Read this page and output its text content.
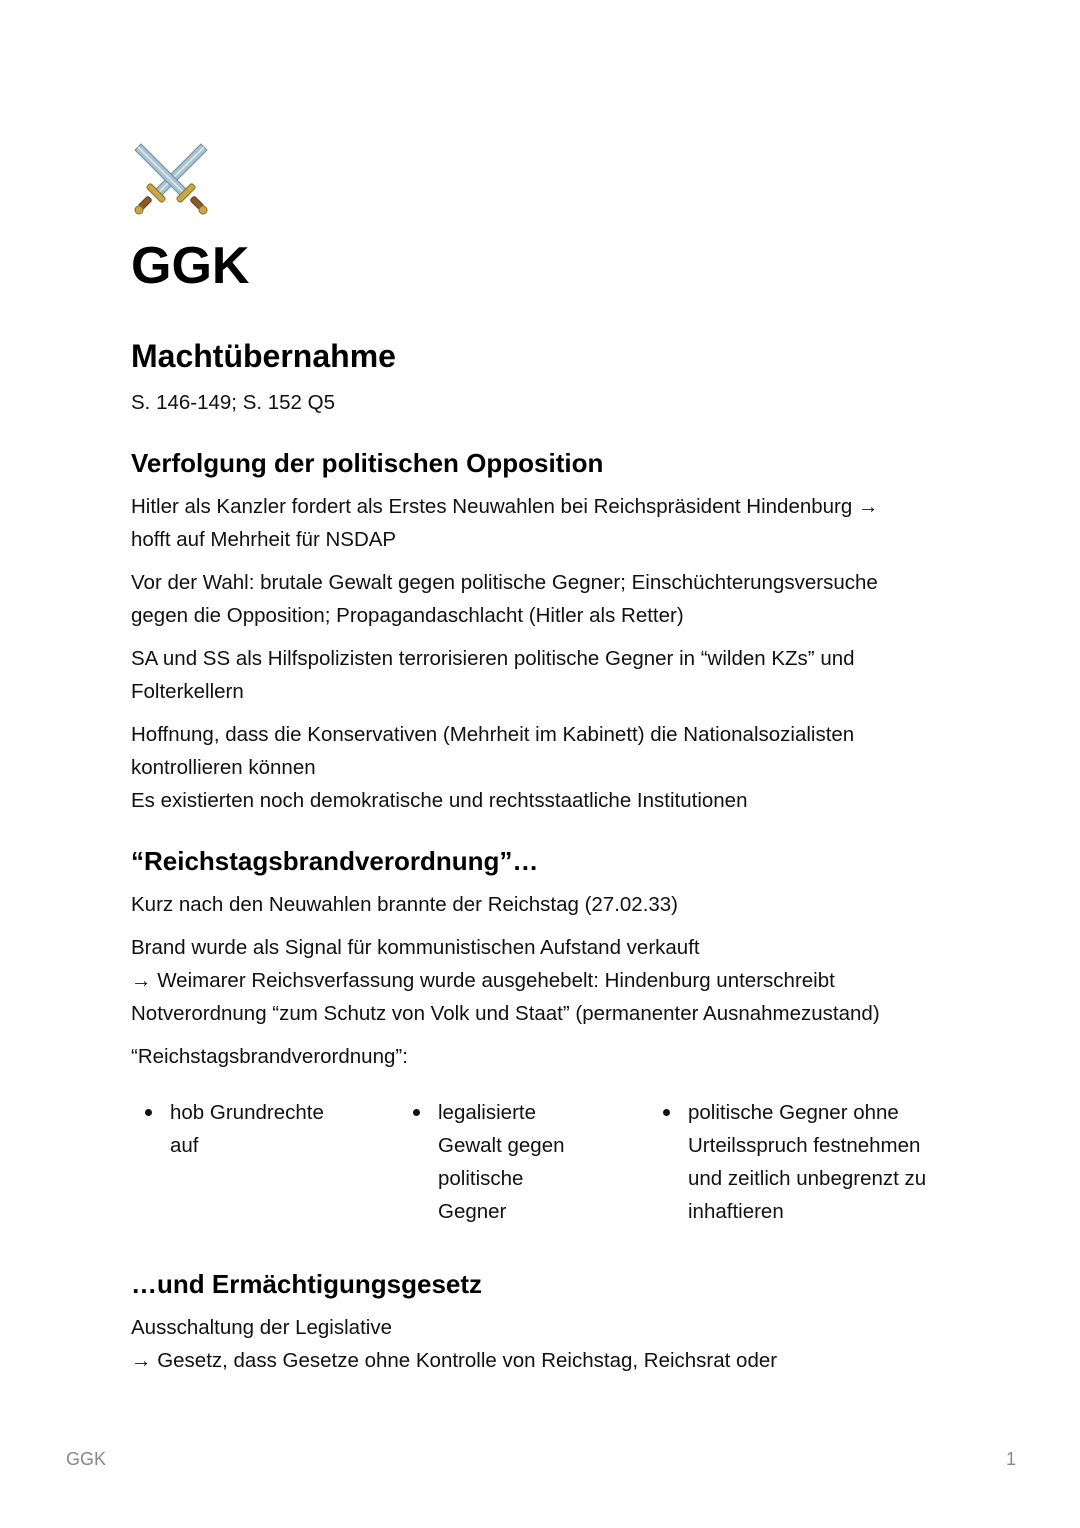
GGK
Machtübernahme

S. 146-149; S. 152 Q5

Verfolgung der politischen Opposition

Hitler als Kanzler fordert als Erstes Neuwahlen bei Reichspräsident Hindenburg →

hofft auf Mehrheit für NSDAP

Vor der Wahl: brutale Gewalt gegen politische Gegner; Einschüchterungsversuche

gegen die Opposition; Propagandaschlacht (Hitler als Retter)

SA und SS als Hilfspolizisten terrorisieren politische Gegner in “wilden KZs” und

Folterkellern

Hoffnung, dass die Konservativen (Mehrheit im Kabinett) die Nationalsozialisten

kontrollieren können

Es existierten noch demokratische und rechtsstaatliche Institutionen

“Reichstagsbrandverordnung”…

Kurz nach den Neuwahlen brannte der Reichstag (27.02.33)

Brand wurde als Signal für kommunistischen Aufstand verkauft

→ Weimarer Reichsverfassung wurde ausgehebelt: Hindenburg unterschreibt

Notverordnung “zum Schutz von Volk und Staat” (permanenter Ausnahmezustand)

“Reichstagsbrandverordnung”:

hob Grundrechte
auf
legalisierte
Gewalt gegen
politische
Gegner
politische Gegner ohne
Urteilsspruch festnehmen
und zeitlich unbegrenzt zu
inhaftieren
…und Ermächtigungsgesetz

Ausschaltung der Legislative

→ Gesetz, dass Gesetze ohne Kontrolle von Reichstag, Reichsrat oder

GGK	1
